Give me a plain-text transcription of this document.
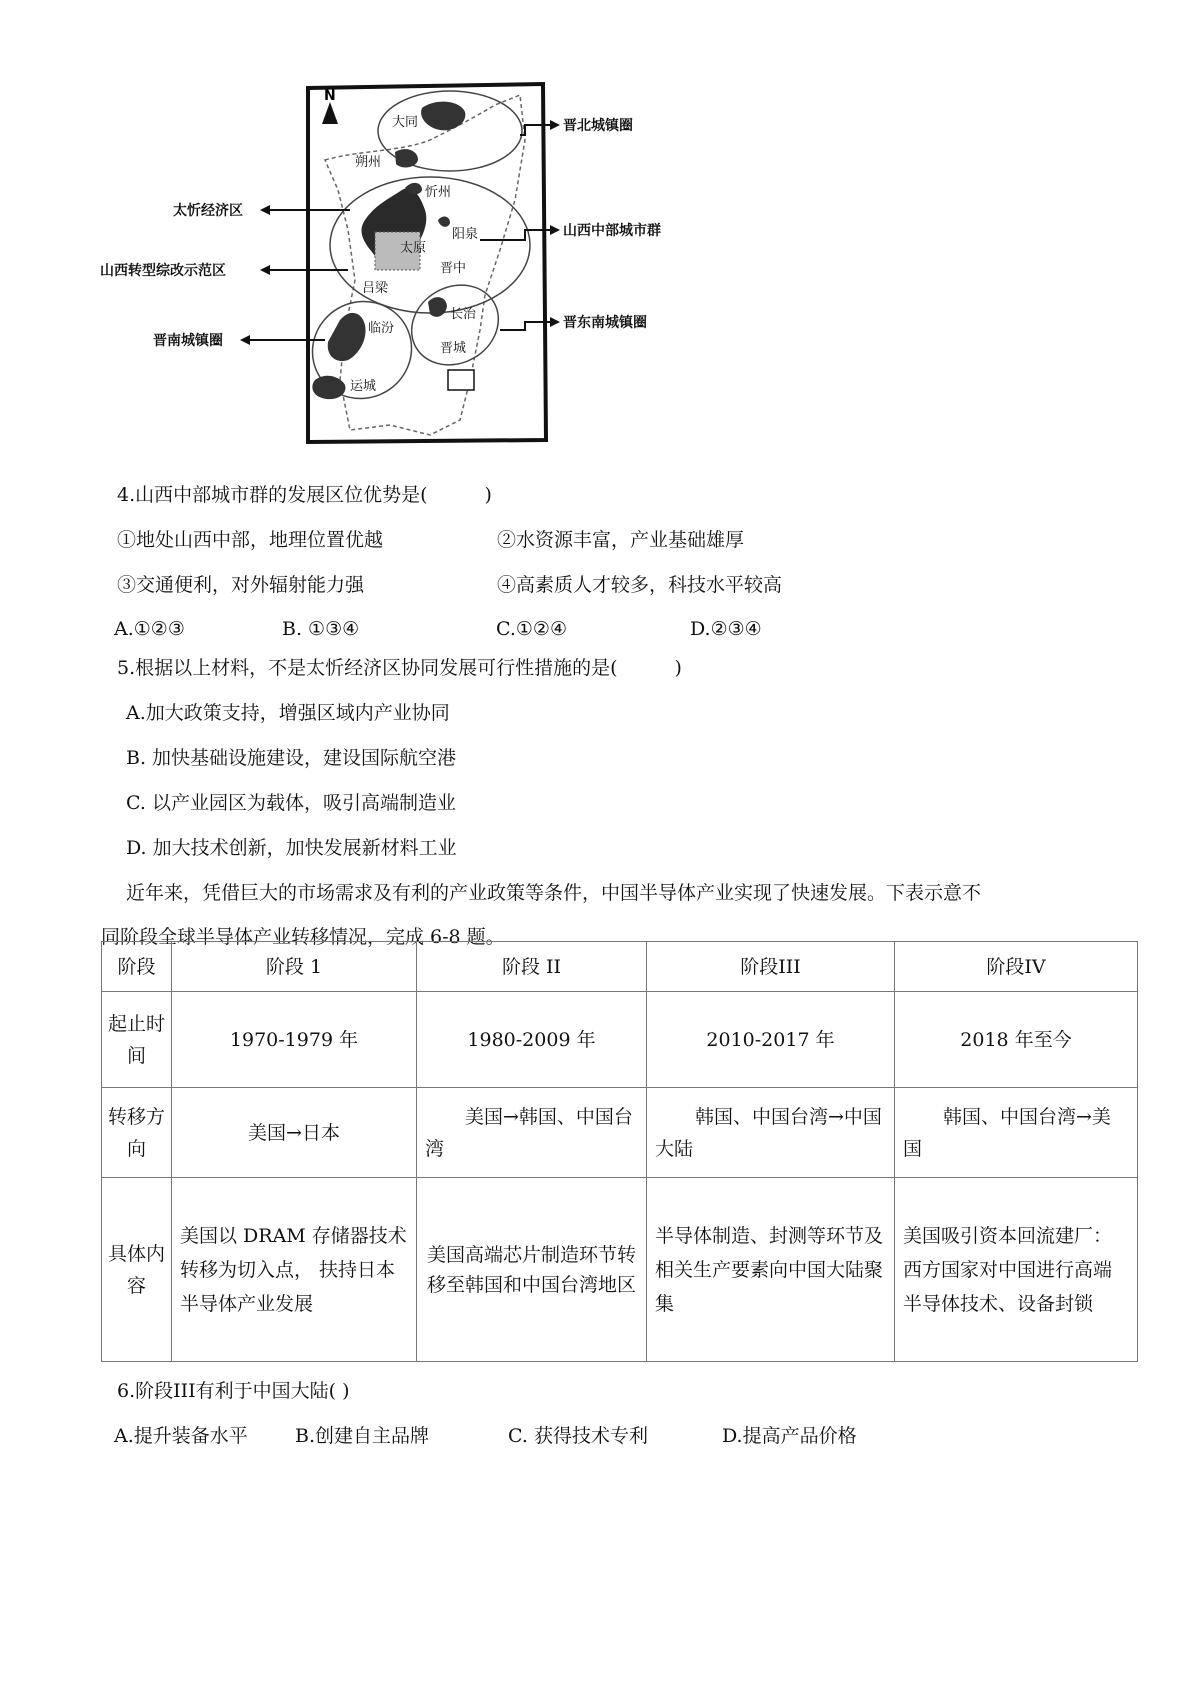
N
大同
朔州
忻州
阳泉
太原
晋中
吕梁
临汾
长治
晋城
运城
晋北城镇圈
山西中部城市群
晋东南城镇圈
太忻经济区
山西转型综改示范区
晋南城镇圈
4.山西中部城市群的发展区位优势是(　　　)
①地处山西中部，地理位置优越	②水资源丰富，产业基础雄厚
③交通便利，对外辐射能力强	④高素质人才较多，科技水平较高
A.①②③	B. ①③④	C.①②④	D.②③④
5.根据以上材料，不是太忻经济区协同发展可行性措施的是(　　　)
A.加大政策支持，增强区域内产业协同
B. 加快基础设施建设，建设国际航空港
C. 以产业园区为载体，吸引高端制造业
D. 加大技术创新，加快发展新材料工业
近年来，凭借巨大的市场需求及有利的产业政策等条件，中国半导体产业实现了快速发展。下表示意不
同阶段全球半导体产业转移情况，完成 6-8 题。
阶段	阶段 1	阶段 II	阶段III	阶段IV
起止时间	1970-1979 年	1980-2009 年	2010-2017 年	2018 年至今
转移方向	美国→日本	美国→韩国、中国台湾	韩国、中国台湾→中国大陆	韩国、中国台湾→美国
具体内容	美国以 DRAM 存储器技术转移为切入点， 扶持日本半导体产业发展	美国高端芯片制造环节转移至韩国和中国台湾地区	半导体制造、封测等环节及相关生产要素向中国大陆聚集	美国吸引资本回流建厂：西方国家对中国进行高端半导体技术、设备封锁
6.阶段III有利于中国大陆( )
A.提升装备水平 B.创建自主品牌	C. 获得技术专利	D.提高产品价格
